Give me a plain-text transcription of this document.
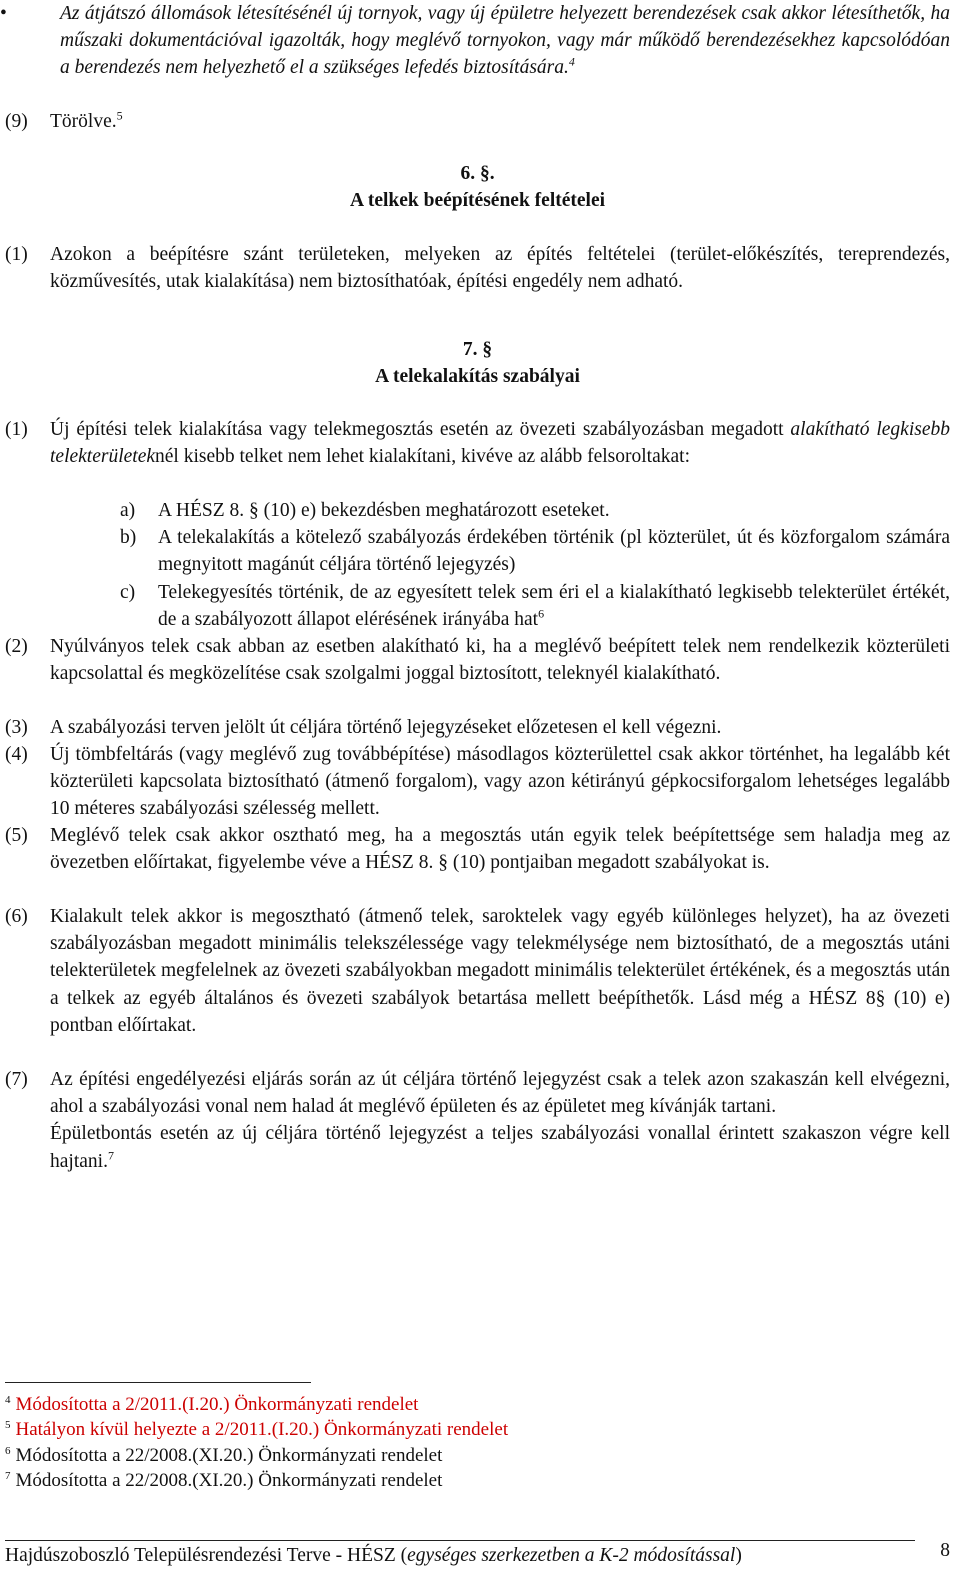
•	Az átjátszó állomások létesítésénél új tornyok, vagy új épületre helyezett berendezések csak akkor létesíthetők, ha műszaki dokumentációval igazolták, hogy meglévő tornyokon, vagy már működő berendezésekhez kapcsolódóan a berendezés nem helyezhető el a szükséges lefedés biztosítására.$^4$
(9)	Törölve.$^5$
6. §.
A telkek beépítésének feltételei
(1)	Azokon a beépítésre szánt területeken, melyeken az építés feltételei (terület-előkészítés, tereprendezés, közművesítés, utak kialakítása) nem biztosíthatóak, építési engedély nem adható.
7. §
A telekalakítás szabályai
(1)	Új építési telek kialakítása vagy telekmegosztás esetén az övezeti szabályozásban megadott alakítható legkisebb telekterületeknél kisebb telket nem lehet kialakítani, kivéve az alább felsoroltakat:
a)	A HÉSZ 8. § (10) e) bekezdésben meghatározott eseteket.
b)	A telekalakítás a kötelező szabályozás érdekében történik (pl közterület, út és közforgalom számára megnyitott magánút céljára történő lejegyzés)
c)	Telekegyesítés történik, de az egyesített telek sem éri el a kialakítható legkisebb telekterület értékét, de a szabályozott állapot elérésének irányába hat$^6$
(2)	Nyúlványos telek csak abban az esetben alakítható ki, ha a meglévő beépített telek nem rendelkezik közterületi kapcsolattal és megközelítése csak szolgalmi joggal biztosított, teleknyél kialakítható.
(3)	A szabályozási terven jelölt út céljára történő lejegyzéseket előzetesen el kell végezni.
(4)	Új tömbfeltárás (vagy meglévő zug továbbépítése) másodlagos közterülettel csak akkor történhet, ha legalább két közterületi kapcsolata biztosítható (átmenő forgalom), vagy azon kétirányú gépkocsiforgalom lehetséges legalább 10 méteres szabályozási szélesség mellett.
(5)	Meglévő telek csak akkor osztható meg, ha a megosztás után egyik telek beépítettsége sem haladja meg az övezetben előírtakat, figyelembe véve a HÉSZ 8. § (10) pontjaiban megadott szabályokat is.
(6)	Kialakult telek akkor is megosztható (átmenő telek, saroktelek vagy egyéb különleges helyzet), ha az övezeti szabályozásban megadott minimális telekszélessége vagy telekmélysége nem biztosítható, de a megosztás utáni telekterületek megfelelnek az övezeti szabályokban megadott minimális telekterület értékének, és a megosztás után a telkek az egyéb általános és övezeti szabályok betartása mellett beépíthetők. Lásd még a HÉSZ 8§ (10) e) pontban előírtakat.
(7)	Az építési engedélyezési eljárás során az út céljára történő lejegyzést csak a telek azon szakaszán kell elvégezni, ahol a szabályozási vonal nem halad át meglévő épületen és az épületet meg kívánják tartani.
Épületbontás esetén az új céljára történő lejegyzést a teljes szabályozási vonallal érintett szakaszon végre kell hajtani.$^7$
$^4$ Módosította a 2/2011.(I.20.) Önkormányzati rendelet
$^5$ Hatályon kívül helyezte a 2/2011.(I.20.) Önkormányzati rendelet
$^6$ Módosította a 22/2008.(XI.20.) Önkormányzati rendelet
$^7$ Módosította a 22/2008.(XI.20.) Önkormányzati rendelet
Hajdúszoboszló Településrendezési Terve - HÉSZ (egységes szerkezetben a K-2 módosítással)	8
